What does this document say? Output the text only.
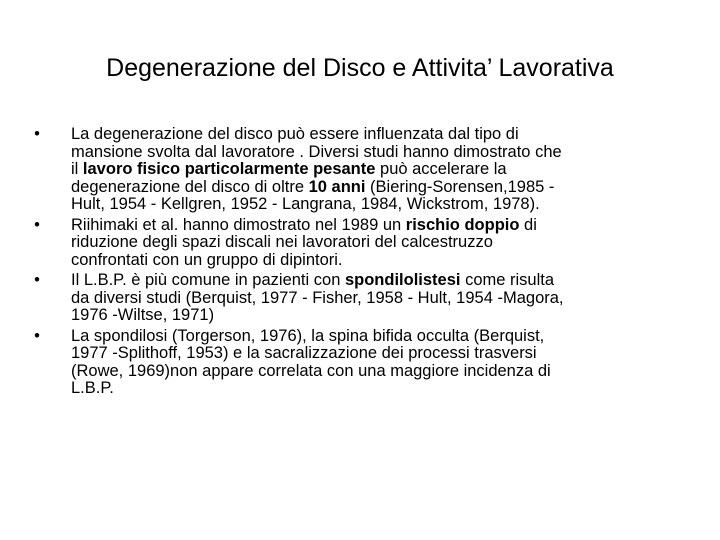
Degenerazione del Disco e Attivita’ Lavorativa
• La degenerazione del disco può essere influenzata dal tipo di
mansione svolta dal lavoratore . Diversi studi hanno dimostrato che
il lavoro fisico particolarmente pesante può accelerare la
degenerazione del disco di oltre 10 anni (Biering-Sorensen,1985 -
Hult, 1954 - Kellgren, 1952 - Langrana, 1984, Wickstrom, 1978).
• Riihimaki et al. hanno dimostrato nel 1989 un rischio doppio di
riduzione degli spazi discali nei lavoratori del calcestruzzo
confrontati con un gruppo di dipintori.
• Il L.B.P. è più comune in pazienti con spondilolistesi come risulta
da diversi studi (Berquist, 1977 - Fisher, 1958 - Hult, 1954 -Magora,
1976 -Wiltse, 1971)
• La spondilosi (Torgerson, 1976), la spina bifida occulta (Berquist,
1977 -Splithoff, 1953) e la sacralizzazione dei processi trasversi
(Rowe, 1969)non appare correlata con una maggiore incidenza di
L.B.P.
